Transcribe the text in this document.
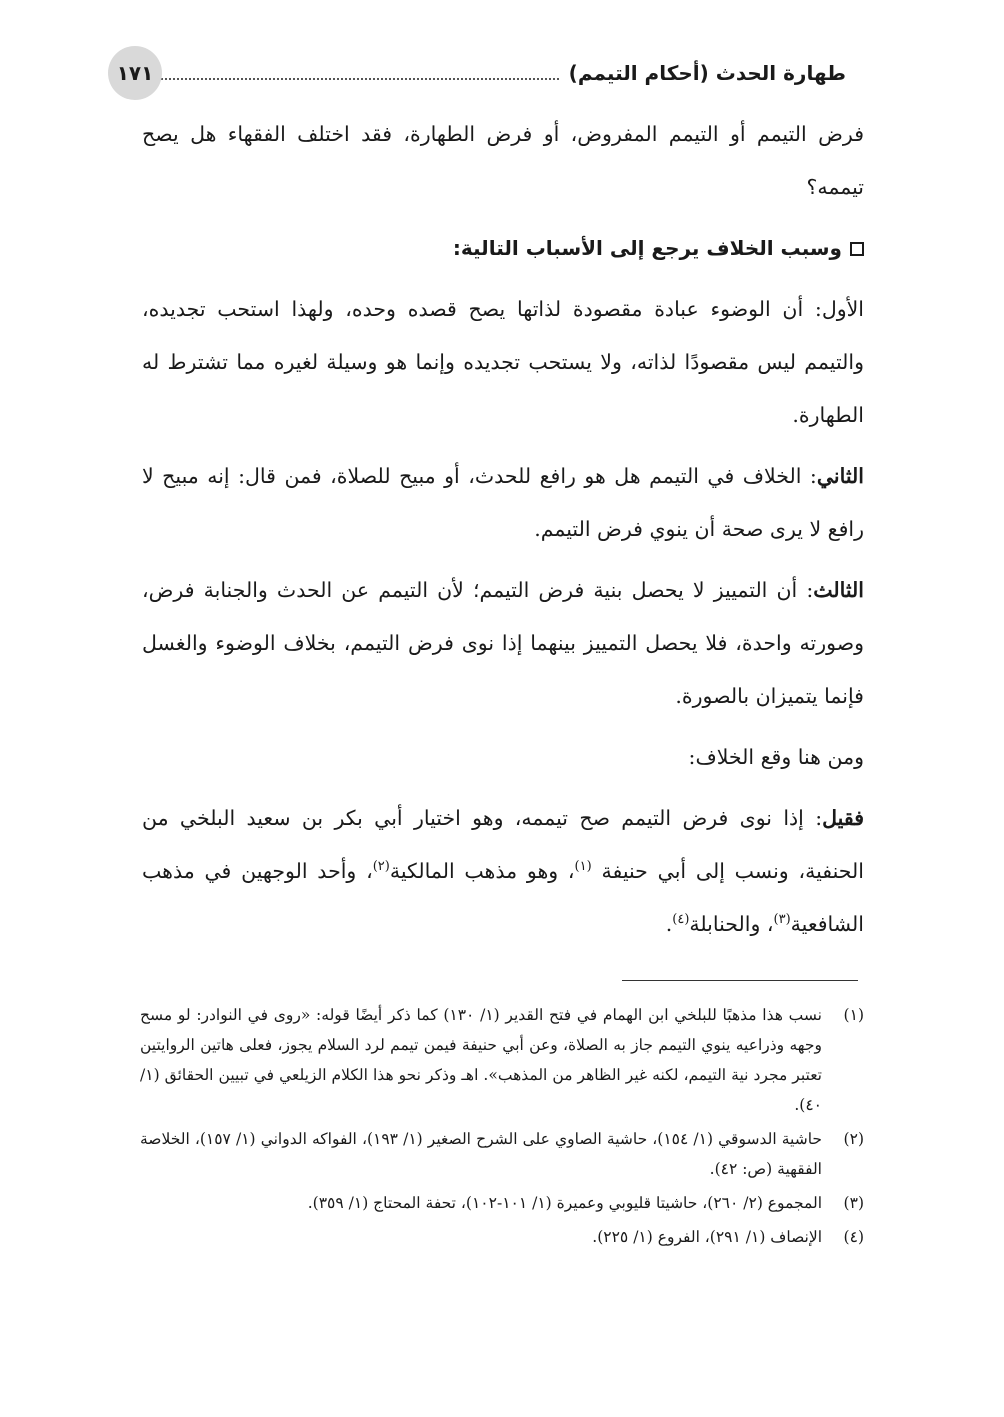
طهارة الحدث (أحكام التيمم)
١٧١

فرض التيمم أو التيمم المفروض، أو فرض الطهارة، فقد اختلف الفقهاء هل يصح تيممه؟

وسبب الخلاف يرجع إلى الأسباب التالية:

الأول: أن الوضوء عبادة مقصودة لذاتها يصح قصده وحده، ولهذا استحب تجديده، والتيمم ليس مقصودًا لذاته، ولا يستحب تجديده وإنما هو وسيلة لغيره مما تشترط له الطهارة.

الثاني: الخلاف في التيمم هل هو رافع للحدث، أو مبيح للصلاة، فمن قال: إنه مبيح لا رافع لا يرى صحة أن ينوي فرض التيمم.

الثالث: أن التمييز لا يحصل بنية فرض التيمم؛ لأن التيمم عن الحدث والجنابة فرض، وصورته واحدة، فلا يحصل التمييز بينهما إذا نوى فرض التيمم، بخلاف الوضوء والغسل فإنما يتميزان بالصورة.

ومن هنا وقع الخلاف:

فقيل: إذا نوى فرض التيمم صح تيممه، وهو اختيار أبي بكر بن سعيد البلخي من الحنفية، ونسب إلى أبي حنيفة $^{(١)}$، وهو مذهب المالكية$^{(٢)}$، وأحد الوجهين في مذهب الشافعية$^{(٣)}$، والحنابلة$^{(٤)}$.

(١)
نسب هذا مذهبًا للبلخي ابن الهمام في فتح القدير (١/ ١٣٠) كما ذكر أيضًا قوله: «روى في النوادر: لو مسح وجهه وذراعيه ينوي التيمم جاز به الصلاة، وعن أبي حنيفة فيمن تيمم لرد السلام يجوز، فعلى هاتين الروايتين تعتبر مجرد نية التيمم، لكنه غير الظاهر من المذهب». اهـ وذكر نحو هذا الكلام الزيلعي في تبيين الحقائق (١/ ٤٠).
(٢)
حاشية الدسوقي (١/ ١٥٤)، حاشية الصاوي على الشرح الصغير (١/ ١٩٣)، الفواكه الدواني (١/ ١٥٧)، الخلاصة الفقهية (ص: ٤٢).
(٣)
المجموع (٢/ ٢٦٠)، حاشيتا قليوبي وعميرة (١/ ١٠١-١٠٢)، تحفة المحتاج (١/ ٣٥٩).
(٤)
الإنصاف (١/ ٢٩١)، الفروع (١/ ٢٢٥).
